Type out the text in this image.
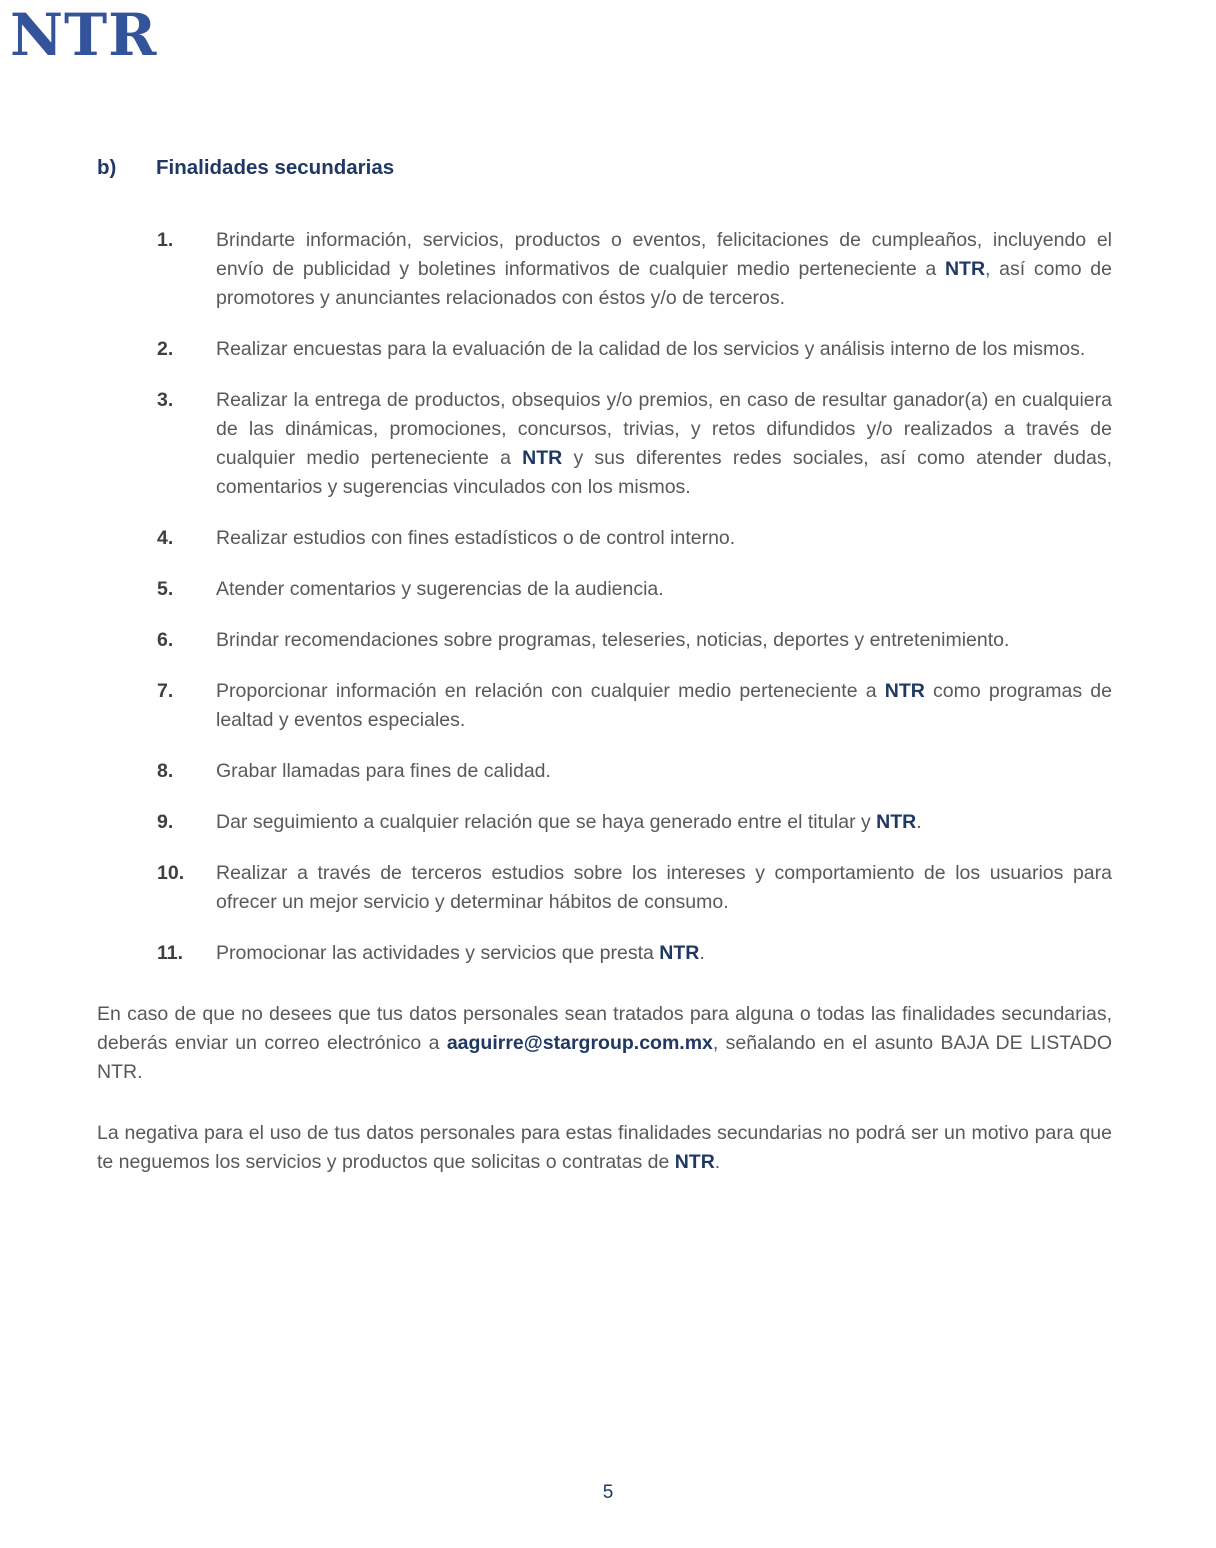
NTR
b)	Finalidades secundarias
1.	Brindarte información, servicios, productos o eventos, felicitaciones de cumpleaños, incluyendo el envío de publicidad y boletines informativos de cualquier medio perteneciente a NTR, así como de promotores y anunciantes relacionados con éstos y/o de terceros.
2.	Realizar encuestas para la evaluación de la calidad de los servicios y análisis interno de los mismos.
3.	Realizar la entrega de productos, obsequios y/o premios, en caso de resultar ganador(a) en cualquiera de las dinámicas, promociones, concursos, trivias, y retos difundidos y/o realizados a través de cualquier medio perteneciente a NTR y sus diferentes redes sociales, así como atender dudas, comentarios y sugerencias vinculados con los mismos.
4.	Realizar estudios con fines estadísticos o de control interno.
5.	Atender comentarios y sugerencias de la audiencia.
6.	Brindar recomendaciones sobre programas, teleseries, noticias, deportes y entretenimiento.
7.	Proporcionar información en relación con cualquier medio perteneciente a NTR como programas de lealtad y eventos especiales.
8.	Grabar llamadas para fines de calidad.
9.	Dar seguimiento a cualquier relación que se haya generado entre el titular y NTR.
10.	Realizar a través de terceros estudios sobre los intereses y comportamiento de los usuarios para ofrecer un mejor servicio y determinar hábitos de consumo.
11.	Promocionar las actividades y servicios que presta NTR.

En caso de que no desees que tus datos personales sean tratados para alguna o todas las finalidades secundarias, deberás enviar un correo electrónico a aaguirre@stargroup.com.mx, señalando en el asunto BAJA DE LISTADO NTR.

La negativa para el uso de tus datos personales para estas finalidades secundarias no podrá ser un motivo para que te neguemos los servicios y productos que solicitas o contratas de NTR.

5
